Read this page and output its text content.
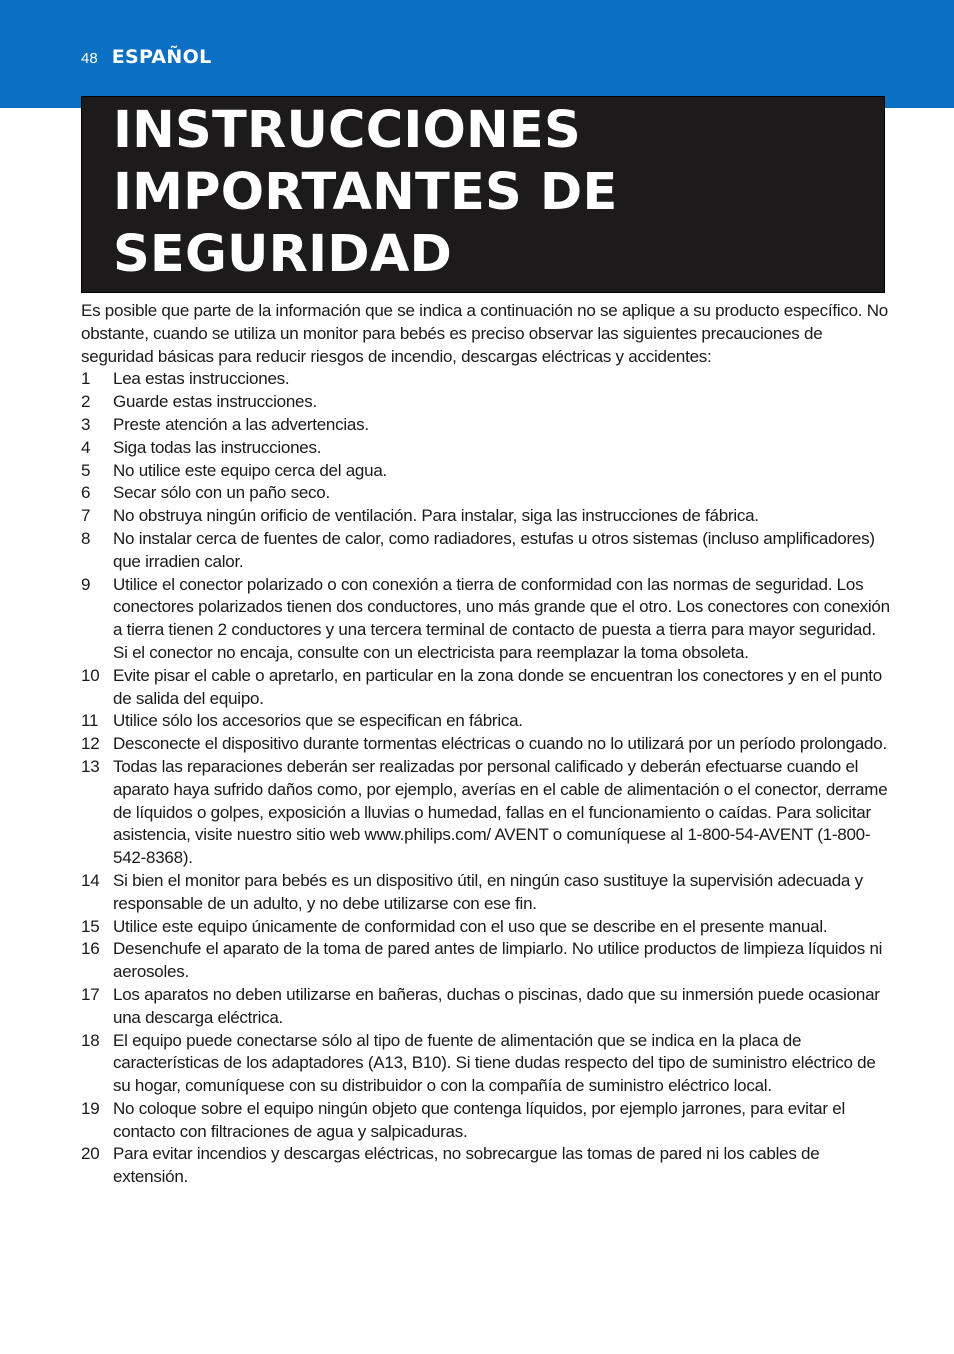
48 ESPAÑOL
INSTRUCCIONES
IMPORTANTES DE
SEGURIDAD

Es posible que parte de la información que se indica a continuación no se aplique a su producto específico. No obstante, cuando se utiliza un monitor para bebés es preciso observar las siguientes precauciones de seguridad básicas para reducir riesgos de incendio, descargas eléctricas y accidentes:

1	Lea estas instrucciones.
2	Guarde estas instrucciones.
3	Preste atención a las advertencias.
4	Siga todas las instrucciones.
5	No utilice este equipo cerca del agua.
6	Secar sólo con un paño seco.
7	No obstruya ningún orificio de ventilación. Para instalar, siga las instrucciones de fábrica.
8	No instalar cerca de fuentes de calor, como radiadores, estufas u otros sistemas (incluso amplificadores) que irradien calor.
9	Utilice el conector polarizado o con conexión a tierra de conformidad con las normas de seguridad. Los conectores polarizados tienen dos conductores, uno más grande que el otro. Los conectores con conexión a tierra tienen 2 conductores y una tercera terminal de contacto de puesta a tierra para mayor seguridad. Si el conector no encaja, consulte con un electricista para reemplazar la toma obsoleta.
10 Evite pisar el cable o apretarlo, en particular en la zona donde se encuentran los conectores y en el punto de salida del equipo.
11 Utilice sólo los accesorios que se especifican en fábrica.
12 Desconecte el dispositivo durante tormentas eléctricas o cuando no lo utilizará por un período prolongado.
13 Todas las reparaciones deberán ser realizadas por personal calificado y deberán efectuarse cuando el aparato haya sufrido daños como, por ejemplo, averías en el cable de alimentación o el conector, derrame de líquidos o golpes, exposición a lluvias o humedad, fallas en el funcionamiento o caídas. Para solicitar asistencia, visite nuestro sitio web www.philips.com/ AVENT o comuníquese al 1-800-54-AVENT (1-800-542-8368).
14 Si bien el monitor para bebés es un dispositivo útil, en ningún caso sustituye la supervisión adecuada y responsable de un adulto, y no debe utilizarse con ese fin.
15 Utilice este equipo únicamente de conformidad con el uso que se describe en el presente manual.
16 Desenchufe el aparato de la toma de pared antes de limpiarlo. No utilice productos de limpieza líquidos ni aerosoles.
17 Los aparatos no deben utilizarse en bañeras, duchas o piscinas, dado que su inmersión puede ocasionar una descarga eléctrica.
18 El equipo puede conectarse sólo al tipo de fuente de alimentación que se indica en la placa de características de los adaptadores (A13, B10). Si tiene dudas respecto del tipo de suministro eléctrico de su hogar, comuníquese con su distribuidor o con la compañía de suministro eléctrico local.
19 No coloque sobre el equipo ningún objeto que contenga líquidos, por ejemplo jarrones, para evitar el contacto con filtraciones de agua y salpicaduras.
20 Para evitar incendios y descargas eléctricas, no sobrecargue las tomas de pared ni los cables de extensión.
